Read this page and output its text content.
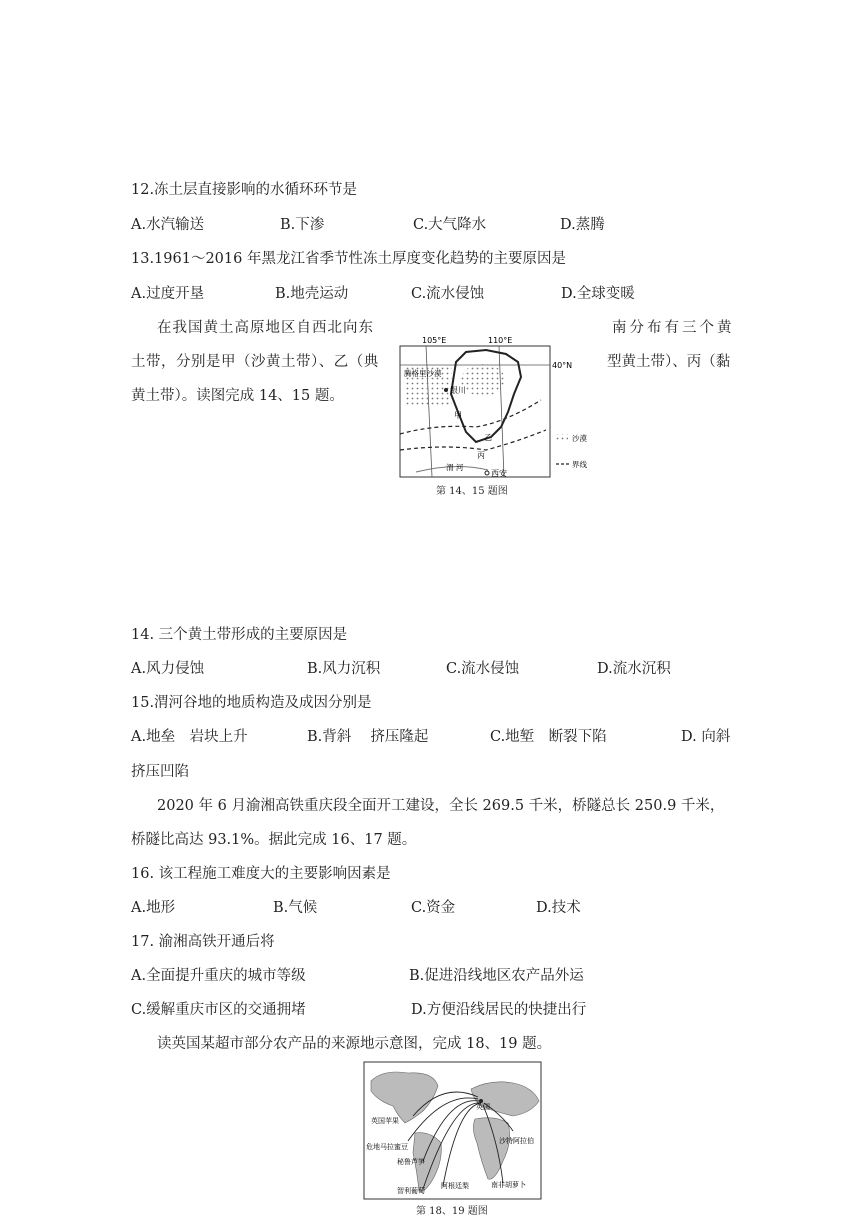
12.冻土层直接影响的水循环环节是
A.水汽输送	B.下渗	C.大气降水	D.蒸腾
13.1961～2016 年黑龙江省季节性冻土厚度变化趋势的主要原因是
A.过度开垦	B.地壳运动	C.流水侵蚀	D.全球变暖
在我国黄土高原地区自西北向东	南分布有三个黄
土带，分别是甲（沙黄土带）、乙（典	型黄土带）、丙（黏
黄土带）。读图完成 14、15 题。
105°E	110°E
40°N
腾格里沙漠
银川
甲
乙
丙
渭 河
西安
沙漠
界线
第 14、15 题图
14. 三个黄土带形成的主要原因是
A.风力侵蚀	B.风力沉积	C.流水侵蚀	D.流水沉积
15.渭河谷地的地质构造及成因分别是
A.地垒　岩块上升	B.背斜　 挤压隆起	C.地堑　断裂下陷	D. 向斜
挤压凹陷
2020 年 6 月渝湘高铁重庆段全面开工建设，全长 269.5 千米，桥隧总长 250.9 千米，
桥隧比高达 93.1%。据此完成 16、17 题。
16. 该工程施工难度大的主要影响因素是
A.地形	B.气候	C.资金	D.技术
17. 渝湘高铁开通后将
A.全面提升重庆的城市等级	B.促进沿线地区农产品外运
C.缓解重庆市区的交通拥堵	D.方便沿线居民的快捷出行
读英国某超市部分农产品的来源地示意图，完成 18、19 题。
英国
英国苹果
危地马拉蜜豆
秘鲁芦笋
智利葡萄
阿根廷梨
沙特阿拉伯
南非胡萝卜
第 18、19 题图
